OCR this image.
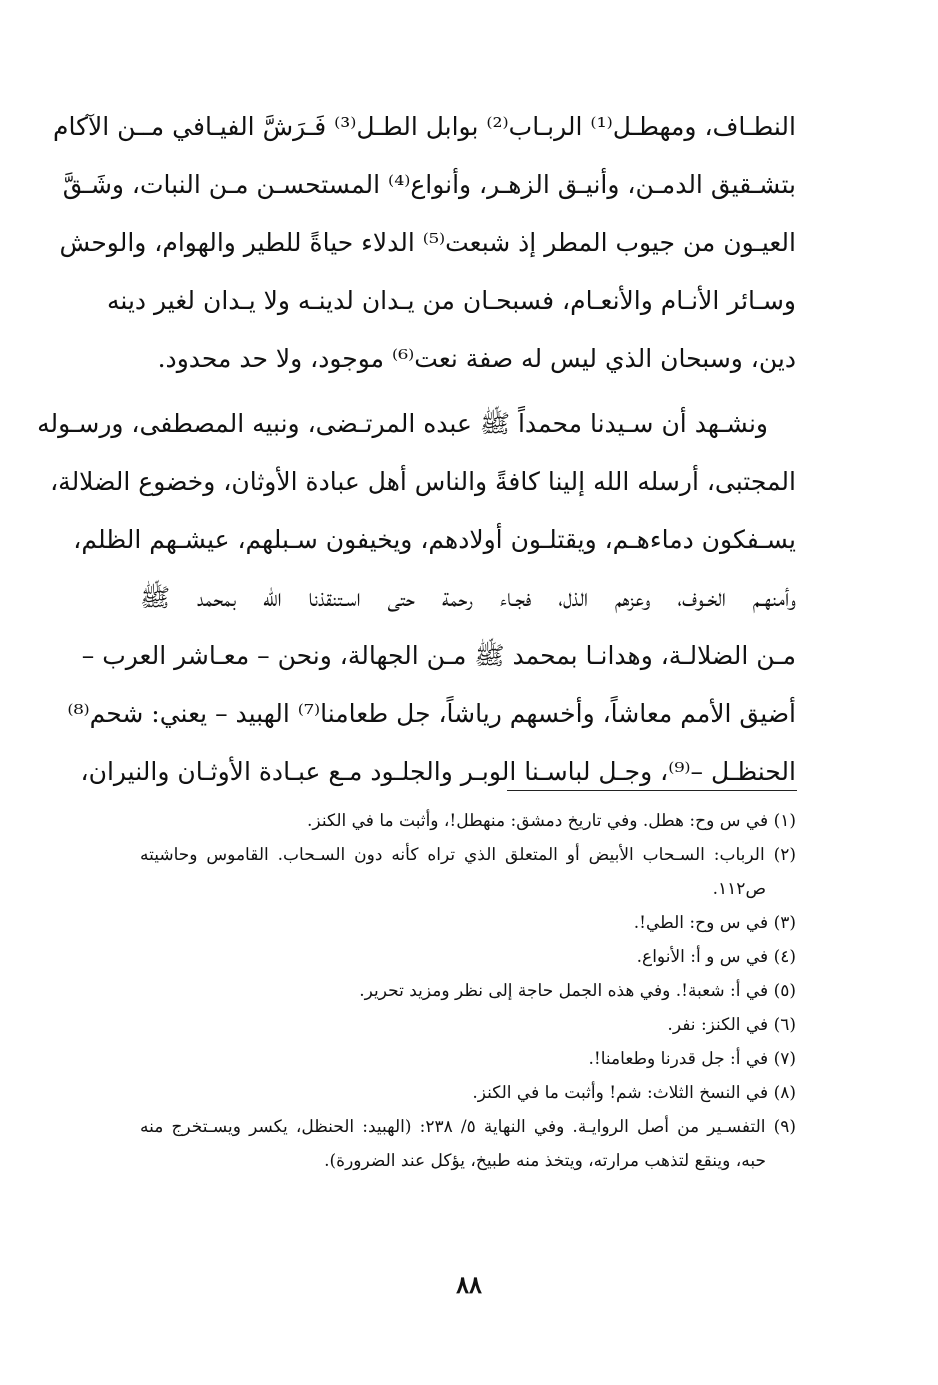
النطـاف، ومهطـل⁽¹⁾ الربـاب⁽²⁾ بوابل الطـل⁽³⁾ فَـرَشَّ الفيـافي مــن الآكام
بتشـقيق الدمـن، وأنيـق الزهـر، وأنواع⁽⁴⁾ المستحسـن مـن النبات، وشَـقَّ
العيـون من جيوب المطر إذ شبعت⁽⁵⁾ الدلاء حياةً للطير والهوام، والوحش
وسـائر الأنـام والأنعـام، فسبحـان من يـدان لدينـه ولا يـدان لغير دينه
دين، وسبحان الذي ليس له صفة نعت⁽⁶⁾ موجود، ولا حد محدود.
ونشـهد أن سـيدنا محمداً ﷺ عبده المرتـضى، ونبيه المصطفى، ورسـوله
المجتبى، أرسله الله إلينا كافةً والناس أهل عبادة الأوثان، وخضوع الضلالة،
يسـفكون دماءهـم، ويقتلـون أولادهم، ويخيفون سـبلهم، عيشـهم الظلم،
وأمنهـم الخـوف، وعزهم الذل، فجـاء رحمة حتى اسـتنقذنا الله بمحمد ﷺ
مـن الضلالـة، وهدانـا بمحمد ﷺ مـن الجهالة، ونحن – معـاشر العرب –
أضيق الأمم معاشاً، وأخسهم رياشاً، جل طعامنا⁽⁷⁾ الهبيد – يعني: شحم⁽⁸⁾
الحنظـل –⁽⁹⁾، وجـل لباسـنا الوبـر والجلـود مـع عبـادة الأوثـان والنيران،
(١) في س وح: هطل. وفي تاريخ دمشق: منهطل!، وأثبت ما في الكنز.
(٢) الرباب: السـحاب الأبيض أو المتعلق الذي تراه كأنه دون السـحاب. القاموس وحاشيته
ص١١٢.
(٣) في س وح: الطي!.
(٤) في س و أ: الأنواع.
(٥) في أ: شعبة!. وفي هذه الجمل حاجة إلى نظر ومزيد تحرير.
(٦) في الكنز: نفر.
(٧) في أ: جل قدرنا وطعامنا!.
(٨) في النسخ الثلاث: شم! وأثبت ما في الكنز.
(٩) التفسـير من أصل الروايـة. وفي النهاية ٥/ ٢٣٨: (الهبيد: الحنظل، يكسر ويسـتخرج منه
حبه، وينقع لتذهب مرارته، ويتخذ منه طبيخ، يؤكل عند الضرورة).
٨٨
